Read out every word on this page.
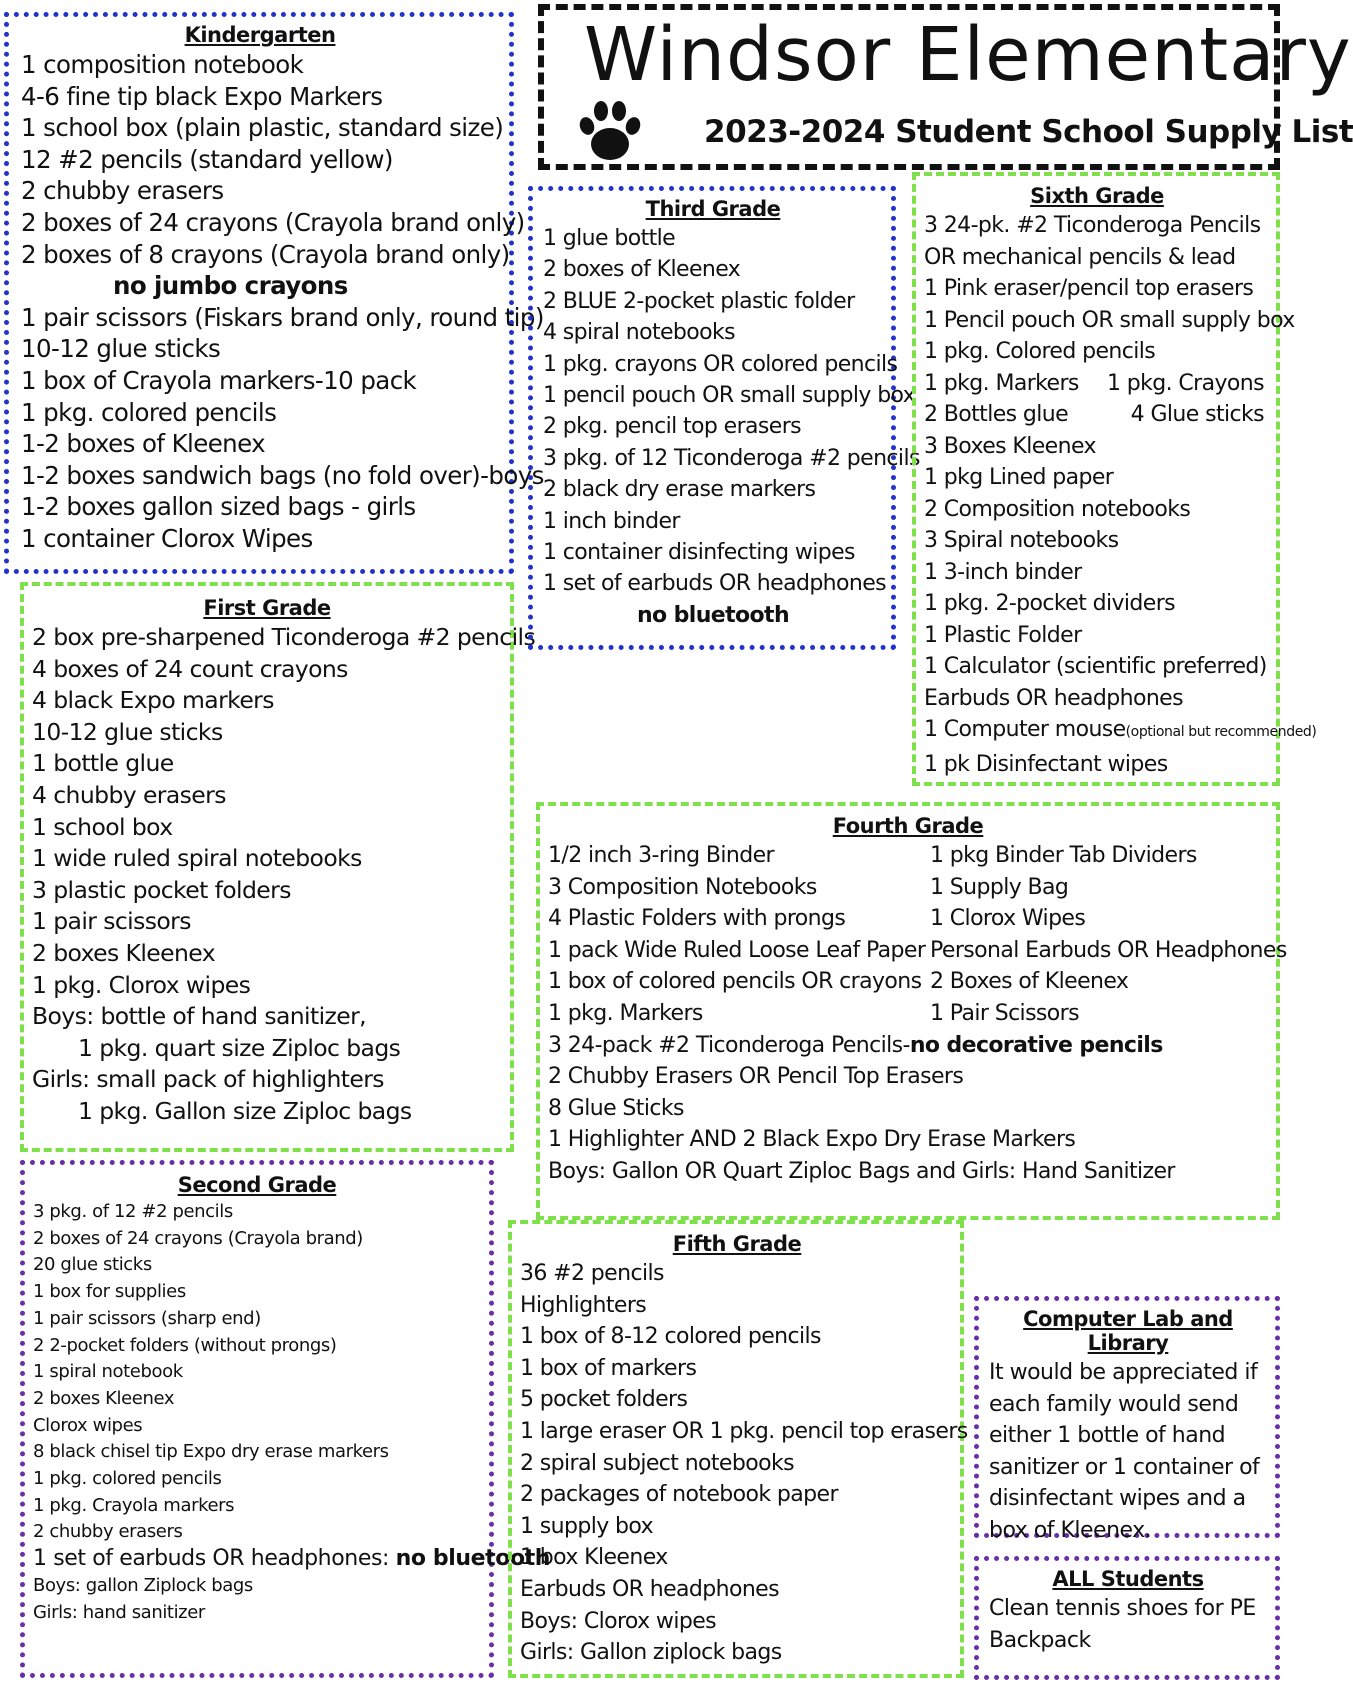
Windsor Elementary
2023-2024 Student School Supply List
Kindergarten
1 composition notebook
4-6 fine tip black Expo Markers
1 school box (plain plastic, standard size)
12 #2 pencils (standard yellow)
2 chubby erasers
2 boxes of 24 crayons (Crayola brand only)
2 boxes of 8 crayons (Crayola brand only)
no jumbo crayons
1 pair scissors (Fiskars brand only, round tip)
10-12 glue sticks
1 box of Crayola markers-10 pack
1 pkg. colored pencils
1-2 boxes of Kleenex
1-2 boxes sandwich bags (no fold over)-boys
1-2 boxes gallon sized bags - girls
1 container Clorox Wipes
First Grade
2 box pre-sharpened Ticonderoga #2 pencils
4 boxes of 24 count crayons
4 black Expo markers
10-12 glue sticks
1 bottle glue
4 chubby erasers
1 school box
1 wide ruled spiral notebooks
3 plastic pocket folders
1 pair scissors
2 boxes Kleenex
1 pkg. Clorox wipes
Boys: bottle of hand sanitizer,
1 pkg. quart size Ziploc bags
Girls: small pack of highlighters
1 pkg. Gallon size Ziploc bags
Second Grade
3 pkg. of 12 #2 pencils
2 boxes of 24 crayons (Crayola brand)
20 glue sticks
1 box for supplies
1 pair scissors (sharp end)
2 2-pocket folders (without prongs)
1 spiral notebook
2 boxes Kleenex
Clorox wipes
8 black chisel tip Expo dry erase markers
1 pkg. colored pencils
1 pkg. Crayola markers
2 chubby erasers
1 set of earbuds OR headphones: no bluetooth
Boys: gallon Ziplock bags
Girls: hand sanitizer
Third Grade
1 glue bottle
2 boxes of Kleenex
2 BLUE 2-pocket plastic folder
4 spiral notebooks
1 pkg. crayons OR colored pencils
1 pencil pouch OR small supply box
2 pkg. pencil top erasers
3 pkg. of 12 Ticonderoga #2 pencils
2 black dry erase markers
1 inch binder
1 container disinfecting wipes
1 set of earbuds OR headphones
no bluetooth
Sixth Grade
3 24-pk. #2 Ticonderoga Pencils
OR mechanical pencils & lead
1 Pink eraser/pencil top erasers
1 Pencil pouch OR small supply box
1 pkg. Colored pencils
1 pkg. Markers 1 pkg. Crayons
2 Bottles glue	4 Glue sticks
3 Boxes Kleenex
1 pkg Lined paper
2 Composition notebooks
3 Spiral notebooks
1 3-inch binder
1 pkg. 2-pocket dividers
1 Plastic Folder
1 Calculator (scientific preferred)
Earbuds OR headphones
1 Computer mouse(optional but recommended)
1 pk Disinfectant wipes
Fourth Grade
1/2 inch 3-ring Binder
3 Composition Notebooks
4 Plastic Folders with prongs
1 pack Wide Ruled Loose Leaf Paper
1 box of colored pencils OR crayons
1 pkg. Markers
1 pkg Binder Tab Dividers
1 Supply Bag
1 Clorox Wipes
Personal Earbuds OR Headphones
2 Boxes of Kleenex
1 Pair Scissors
3 24-pack #2 Ticonderoga Pencils-no decorative pencils
2 Chubby Erasers OR Pencil Top Erasers
8 Glue Sticks
1 Highlighter AND 2 Black Expo Dry Erase Markers
Boys: Gallon OR Quart Ziploc Bags and Girls: Hand Sanitizer
Fifth Grade
36 #2 pencils
Highlighters
1 box of 8-12 colored pencils
1 box of markers
5 pocket folders
1 large eraser OR 1 pkg. pencil top erasers
2 spiral subject notebooks
2 packages of notebook paper
1 supply box
1 box Kleenex
Earbuds OR headphones
Boys: Clorox wipes
Girls: Gallon ziplock bags
Computer Lab and Library

It would be appreciated if each family would send either 1 bottle of hand sanitizer or 1 container of disinfectant wipes and a box of Kleenex.

ALL Students
Clean tennis shoes for PE
Backpack
